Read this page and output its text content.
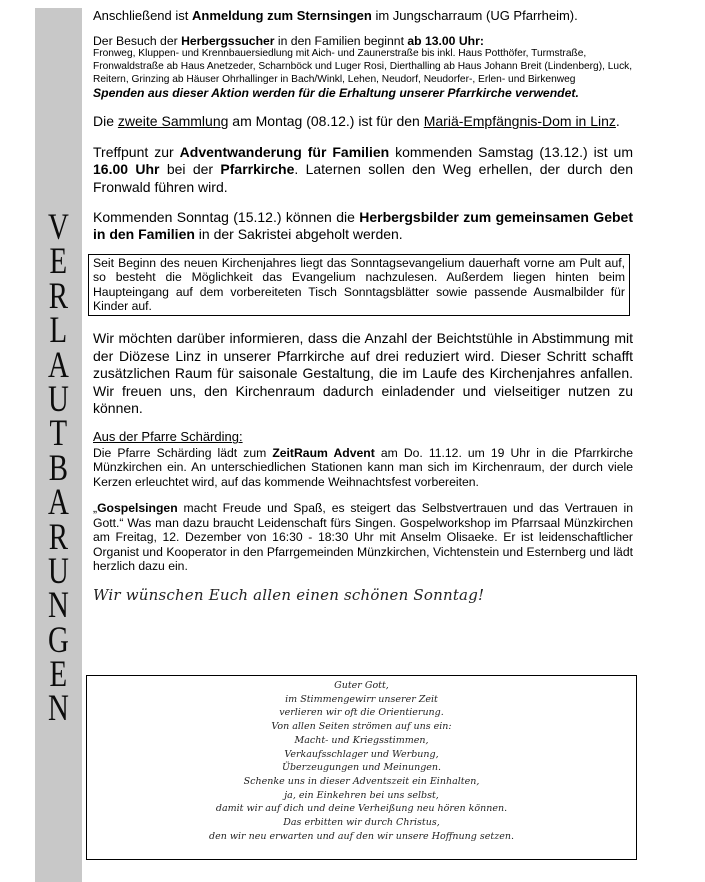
V
E
R
L
A
U
T
B
A
R
U
N
G
E
N

Anschließend ist Anmeldung zum Sternsingen im Jungscharraum (UG Pfarrheim).

Der Besuch der Herbergssucher in den Familien beginnt ab 13.00 Uhr:

Fronweg, Kluppen- und Krennbauersiedlung mit Aich- und Zaunerstraße bis inkl. Haus Potthöfer, Turmstraße, Fronwaldstraße ab Haus Anetzeder, Scharnböck und Luger Rosi, Dierthalling ab Haus Johann Breit (Lindenberg), Luck, Reitern, Grinzing ab Häuser Ohrhallinger in Bach/Winkl, Lehen, Neudorf, Neudorfer-, Erlen- und Birkenweg

Spenden aus dieser Aktion werden für die Erhaltung unserer Pfarrkirche verwendet.

Die zweite Sammlung am Montag (08.12.) ist für den Mariä-Empfängnis-Dom in Linz.

Treffpunt zur Adventwanderung für Familien kommenden Samstag (13.12.) ist um 16.00 Uhr bei der Pfarrkirche. Laternen sollen den Weg erhellen, der durch den Fronwald führen wird.

Kommenden Sonntag (15.12.) können die Herbergsbilder zum gemeinsamen Gebet in den Familien in der Sakristei abgeholt werden.

Seit Beginn des neuen Kirchenjahres liegt das Sonntagsevangelium dauerhaft vorne am Pult auf, so besteht die Möglichkeit das Evangelium nachzulesen. Außerdem liegen hinten beim Haupteingang auf dem vorbereiteten Tisch Sonntagsblätter sowie passende Ausmalbilder für Kinder auf.

Wir möchten darüber informieren, dass die Anzahl der Beichtstühle in Abstimmung mit der Diözese Linz in unserer Pfarrkirche auf drei reduziert wird. Dieser Schritt schafft zusätzlichen Raum für saisonale Gestaltung, die im Laufe des Kirchenjahres anfallen. Wir freuen uns, den Kirchenraum dadurch einladender und vielseitiger nutzen zu können.

Aus der Pfarre Schärding:

Die Pfarre Schärding lädt zum ZeitRaum Advent am Do. 11.12. um 19 Uhr in die Pfarrkirche Münzkirchen ein. An unterschiedlichen Stationen kann man sich im Kirchenraum, der durch viele Kerzen erleuchtet wird, auf das kommende Weihnachtsfest vorbereiten.

„Gospelsingen macht Freude und Spaß, es steigert das Selbstvertrauen und das Vertrauen in Gott.“ Was man dazu braucht Leidenschaft fürs Singen. Gospelworkshop im Pfarrsaal Münzkirchen am Freitag, 12. Dezember von 16:30 - 18:30 Uhr mit Anselm Olisaeke. Er ist leidenschaftlicher Organist und Kooperator in den Pfarrgemeinden Münzkirchen, Vichtenstein und Esternberg und lädt herzlich dazu ein.

Wir wünschen Euch allen einen schönen Sonntag!

Guter Gott,
im Stimmengewirr unserer Zeit
verlieren wir oft die Orientierung.
Von allen Seiten strömen auf uns ein:
Macht- und Kriegsstimmen,
Verkaufsschlager und Werbung,
Überzeugungen und Meinungen.
Schenke uns in dieser Adventszeit ein Einhalten,
ja, ein Einkehren bei uns selbst,
damit wir auf dich und deine Verheißung neu hören können.
Das erbitten wir durch Christus,
den wir neu erwarten und auf den wir unsere Hoffnung setzen.
